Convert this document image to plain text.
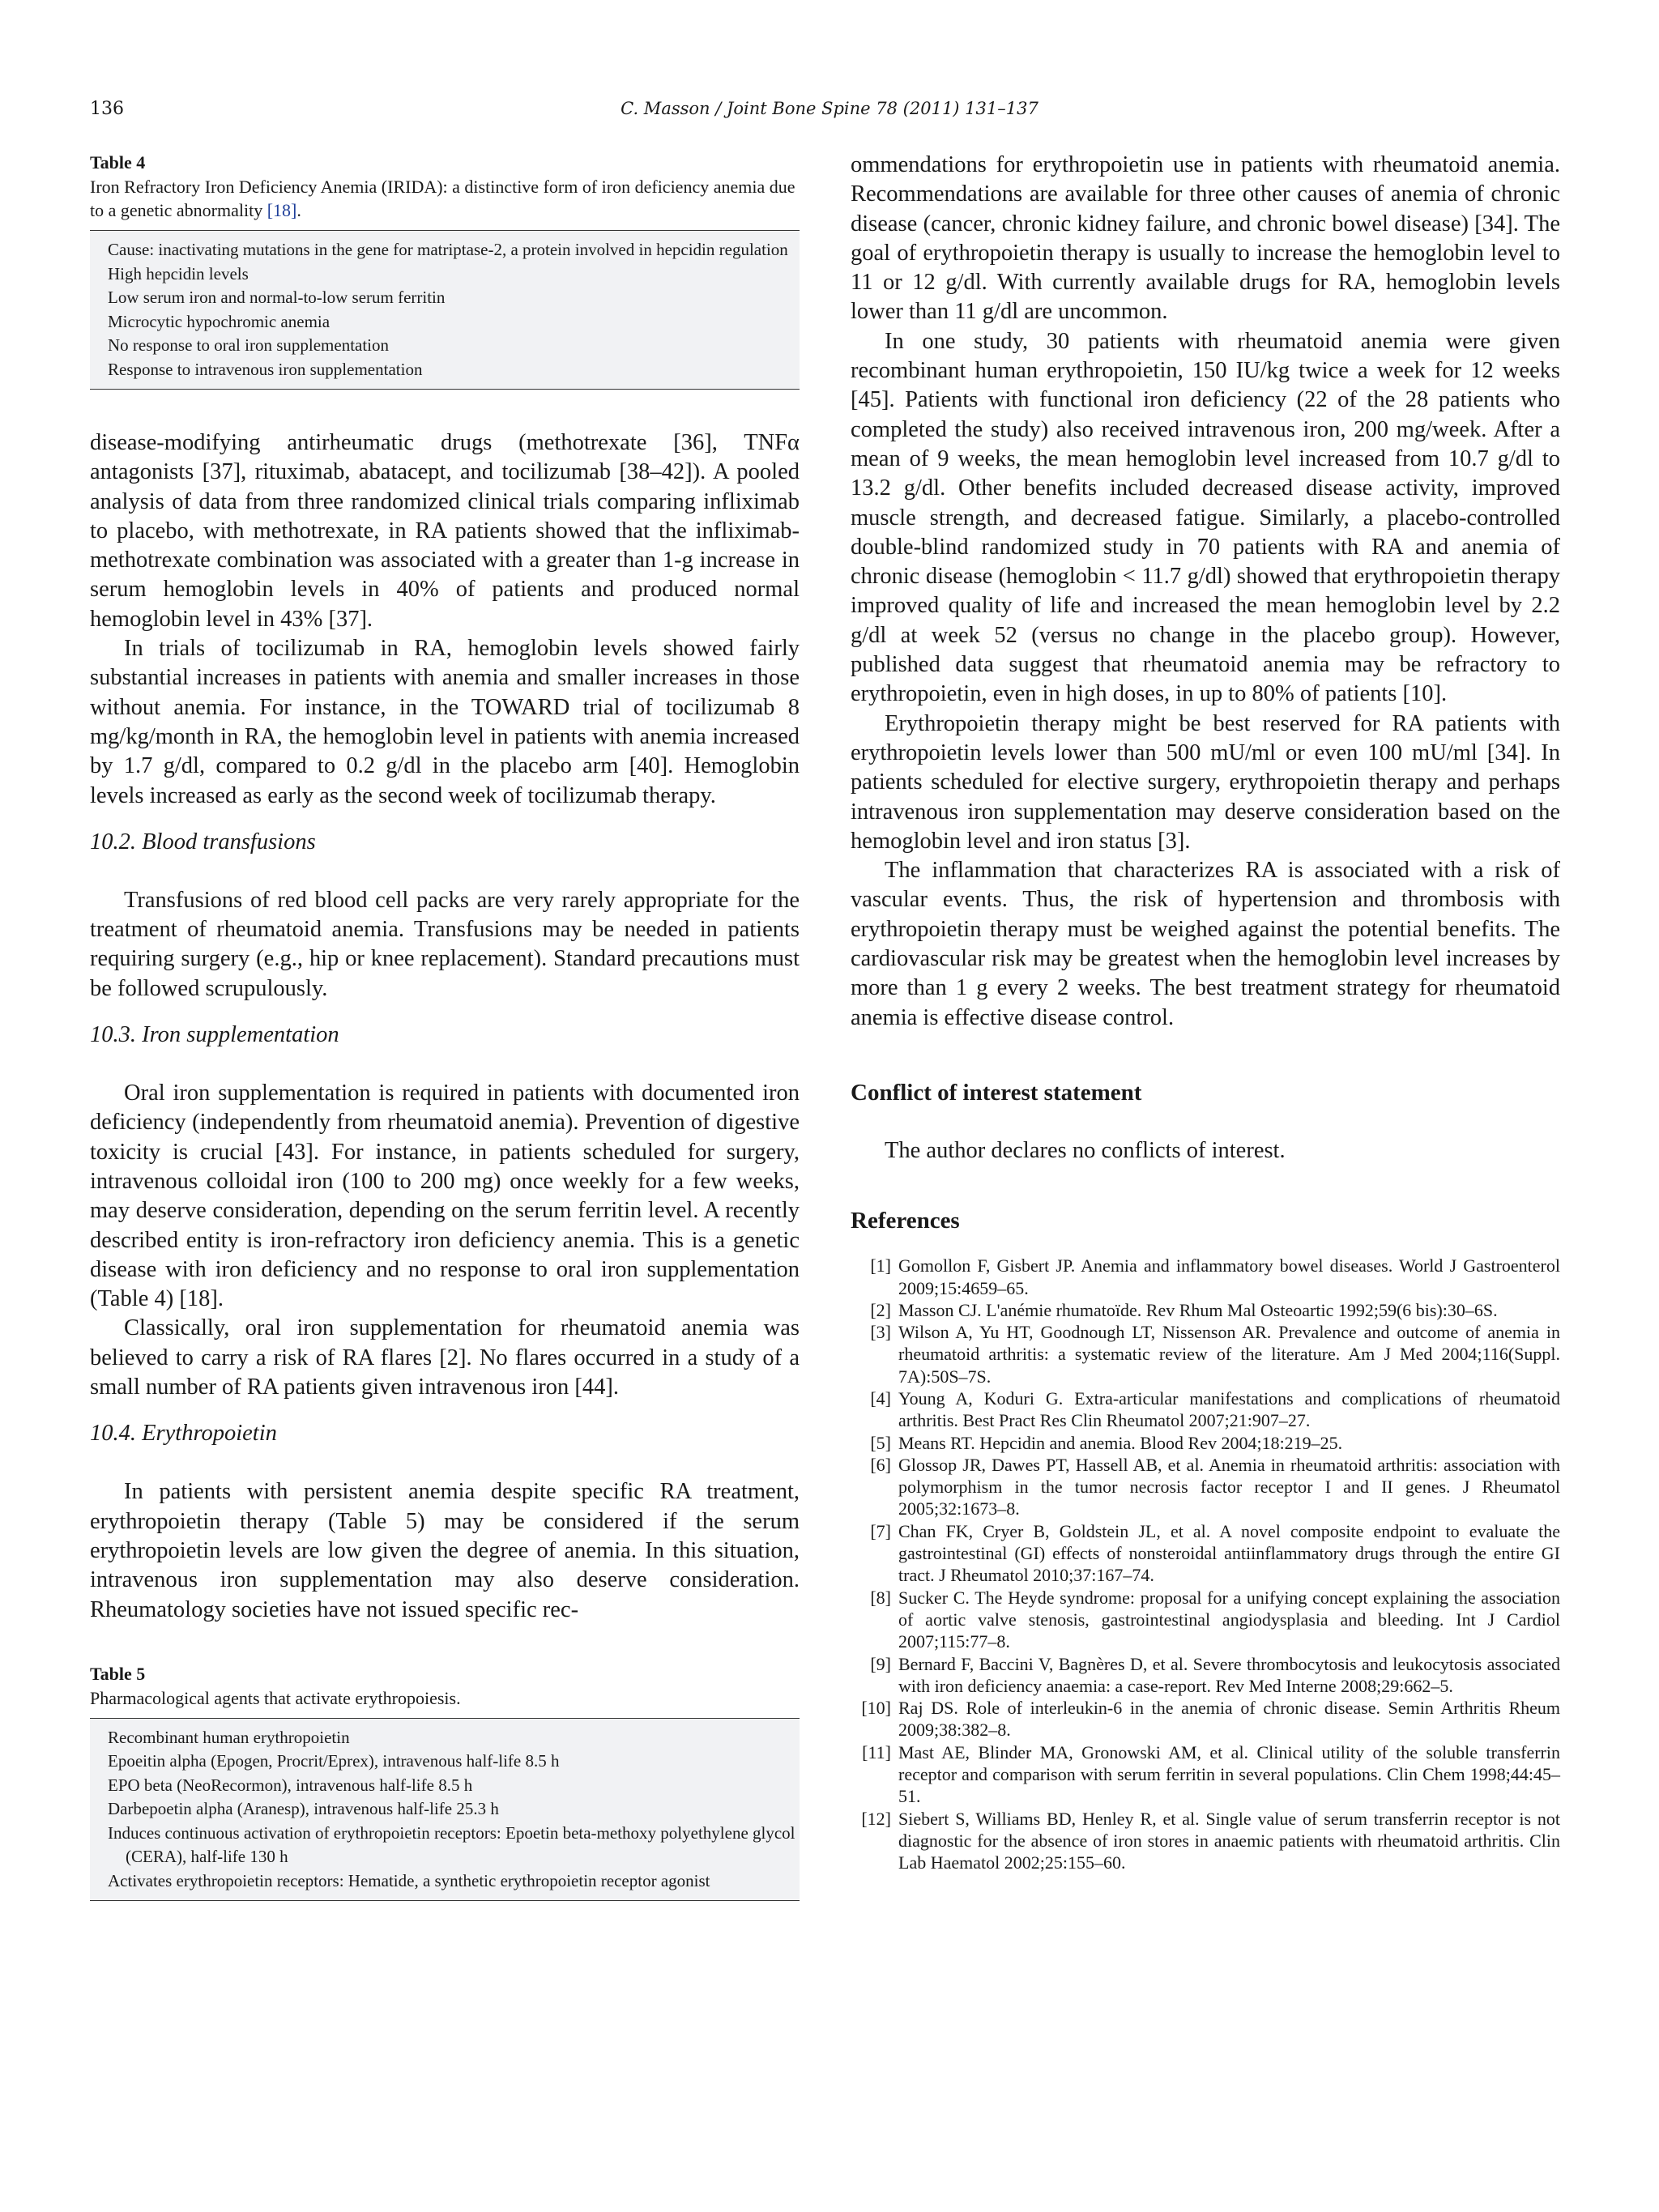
136	C. Masson / Joint Bone Spine 78 (2011) 131–137
Table 4
Iron Refractory Iron Deficiency Anemia (IRIDA): a distinctive form of iron deficiency anemia due to a genetic abnormality [18].
Cause: inactivating mutations in the gene for matriptase-2, a protein involved in hepcidin regulation
High hepcidin levels
Low serum iron and normal-to-low serum ferritin
Microcytic hypochromic anemia
No response to oral iron supplementation
Response to intravenous iron supplementation

disease-modifying antirheumatic drugs (methotrexate [36], TNFα antagonists [37], rituximab, abatacept, and tocilizumab [38–42]). A pooled analysis of data from three randomized clinical trials comparing infliximab to placebo, with methotrexate, in RA patients showed that the infliximab-methotrexate combination was associated with a greater than 1-g increase in serum hemoglobin levels in 40% of patients and produced normal hemoglobin level in 43% [37].

In trials of tocilizumab in RA, hemoglobin levels showed fairly substantial increases in patients with anemia and smaller increases in those without anemia. For instance, in the TOWARD trial of tocilizumab 8 mg/kg/month in RA, the hemoglobin level in patients with anemia increased by 1.7 g/dl, compared to 0.2 g/dl in the placebo arm [40]. Hemoglobin levels increased as early as the second week of tocilizumab therapy.

10.2. Blood transfusions

Transfusions of red blood cell packs are very rarely appropriate for the treatment of rheumatoid anemia. Transfusions may be needed in patients requiring surgery (e.g., hip or knee replacement). Standard precautions must be followed scrupulously.

10.3. Iron supplementation

Oral iron supplementation is required in patients with documented iron deficiency (independently from rheumatoid anemia). Prevention of digestive toxicity is crucial [43]. For instance, in patients scheduled for surgery, intravenous colloidal iron (100 to 200 mg) once weekly for a few weeks, may deserve consideration, depending on the serum ferritin level. A recently described entity is iron-refractory iron deficiency anemia. This is a genetic disease with iron deficiency and no response to oral iron supplementation (Table 4) [18].

Classically, oral iron supplementation for rheumatoid anemia was believed to carry a risk of RA flares [2]. No flares occurred in a study of a small number of RA patients given intravenous iron [44].

10.4. Erythropoietin

In patients with persistent anemia despite specific RA treatment, erythropoietin therapy (Table 5) may be considered if the serum erythropoietin levels are low given the degree of anemia. In this situation, intravenous iron supplementation may also deserve consideration. Rheumatology societies have not issued specific rec-

Table 5
Pharmacological agents that activate erythropoiesis.
Recombinant human erythropoietin
Epoeitin alpha (Epogen, Procrit/Eprex), intravenous half-life 8.5 h
EPO beta (NeoRecormon), intravenous half-life 8.5 h
Darbepoetin alpha (Aranesp), intravenous half-life 25.3 h
Induces continuous activation of erythropoietin receptors: Epoetin beta-methoxy polyethylene glycol (CERA), half-life 130 h
Activates erythropoietin receptors: Hematide, a synthetic erythropoietin receptor agonist

ommendations for erythropoietin use in patients with rheumatoid anemia. Recommendations are available for three other causes of anemia of chronic disease (cancer, chronic kidney failure, and chronic bowel disease) [34]. The goal of erythropoietin therapy is usually to increase the hemoglobin level to 11 or 12 g/dl. With currently available drugs for RA, hemoglobin levels lower than 11 g/dl are uncommon.

In one study, 30 patients with rheumatoid anemia were given recombinant human erythropoietin, 150 IU/kg twice a week for 12 weeks [45]. Patients with functional iron deficiency (22 of the 28 patients who completed the study) also received intravenous iron, 200 mg/week. After a mean of 9 weeks, the mean hemoglobin level increased from 10.7 g/dl to 13.2 g/dl. Other benefits included decreased disease activity, improved muscle strength, and decreased fatigue. Similarly, a placebo-controlled double-blind randomized study in 70 patients with RA and anemia of chronic disease (hemoglobin < 11.7 g/dl) showed that erythropoietin therapy improved quality of life and increased the mean hemoglobin level by 2.2 g/dl at week 52 (versus no change in the placebo group). However, published data suggest that rheumatoid anemia may be refractory to erythropoietin, even in high doses, in up to 80% of patients [10].

Erythropoietin therapy might be best reserved for RA patients with erythropoietin levels lower than 500 mU/ml or even 100 mU/ml [34]. In patients scheduled for elective surgery, erythropoietin therapy and perhaps intravenous iron supplementation may deserve consideration based on the hemoglobin level and iron status [3].

The inflammation that characterizes RA is associated with a risk of vascular events. Thus, the risk of hypertension and thrombosis with erythropoietin therapy must be weighed against the potential benefits. The cardiovascular risk may be greatest when the hemoglobin level increases by more than 1 g every 2 weeks. The best treatment strategy for rheumatoid anemia is effective disease control.

Conflict of interest statement

The author declares no conflicts of interest.

References
[1] Gomollon F, Gisbert JP. Anemia and inflammatory bowel diseases. World J Gastroenterol 2009;15:4659–65.
[2] Masson CJ. L'anémie rhumatoïde. Rev Rhum Mal Osteoartic 1992;59(6 bis):30–6S.
[3] Wilson A, Yu HT, Goodnough LT, Nissenson AR. Prevalence and outcome of anemia in rheumatoid arthritis: a systematic review of the literature. Am J Med 2004;116(Suppl. 7A):50S–7S.
[4] Young A, Koduri G. Extra-articular manifestations and complications of rheumatoid arthritis. Best Pract Res Clin Rheumatol 2007;21:907–27.
[5] Means RT. Hepcidin and anemia. Blood Rev 2004;18:219–25.
[6] Glossop JR, Dawes PT, Hassell AB, et al. Anemia in rheumatoid arthritis: association with polymorphism in the tumor necrosis factor receptor I and II genes. J Rheumatol 2005;32:1673–8.
[7] Chan FK, Cryer B, Goldstein JL, et al. A novel composite endpoint to evaluate the gastrointestinal (GI) effects of nonsteroidal antiinflammatory drugs through the entire GI tract. J Rheumatol 2010;37:167–74.
[8] Sucker C. The Heyde syndrome: proposal for a unifying concept explaining the association of aortic valve stenosis, gastrointestinal angiodysplasia and bleeding. Int J Cardiol 2007;115:77–8.
[9] Bernard F, Baccini V, Bagnères D, et al. Severe thrombocytosis and leukocytosis associated with iron deficiency anaemia: a case-report. Rev Med Interne 2008;29:662–5.
[10] Raj DS. Role of interleukin-6 in the anemia of chronic disease. Semin Arthritis Rheum 2009;38:382–8.
[11] Mast AE, Blinder MA, Gronowski AM, et al. Clinical utility of the soluble transferrin receptor and comparison with serum ferritin in several populations. Clin Chem 1998;44:45–51.
[12] Siebert S, Williams BD, Henley R, et al. Single value of serum transferrin receptor is not diagnostic for the absence of iron stores in anaemic patients with rheumatoid arthritis. Clin Lab Haematol 2002;25:155–60.
